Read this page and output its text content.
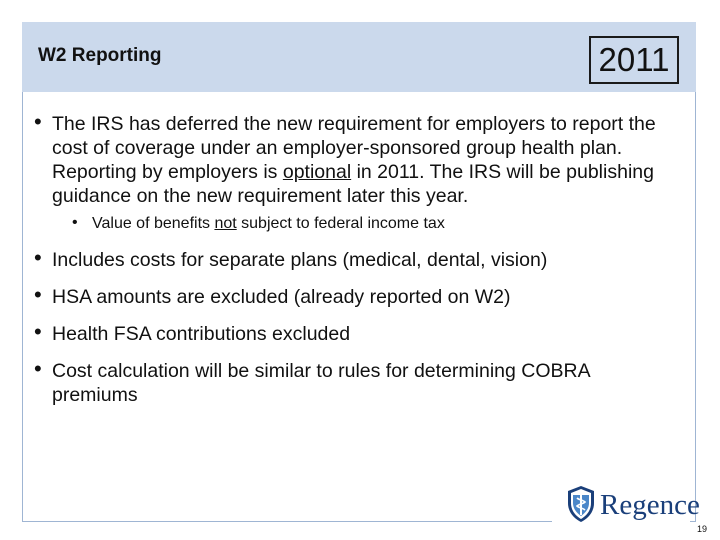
W2 Reporting	2011
• The IRS has deferred the new requirement for employers to report the cost of coverage under an employer-sponsored group health plan. Reporting by employers is optional in 2011. The IRS will be publishing guidance on the new requirement later this year.
• Value of benefits not subject to federal income tax
• Includes costs for separate plans (medical, dental, vision)
• HSA amounts are excluded (already reported on W2)
• Health FSA contributions excluded
• Cost calculation will be similar to rules for determining COBRA premiums
Regence
19
